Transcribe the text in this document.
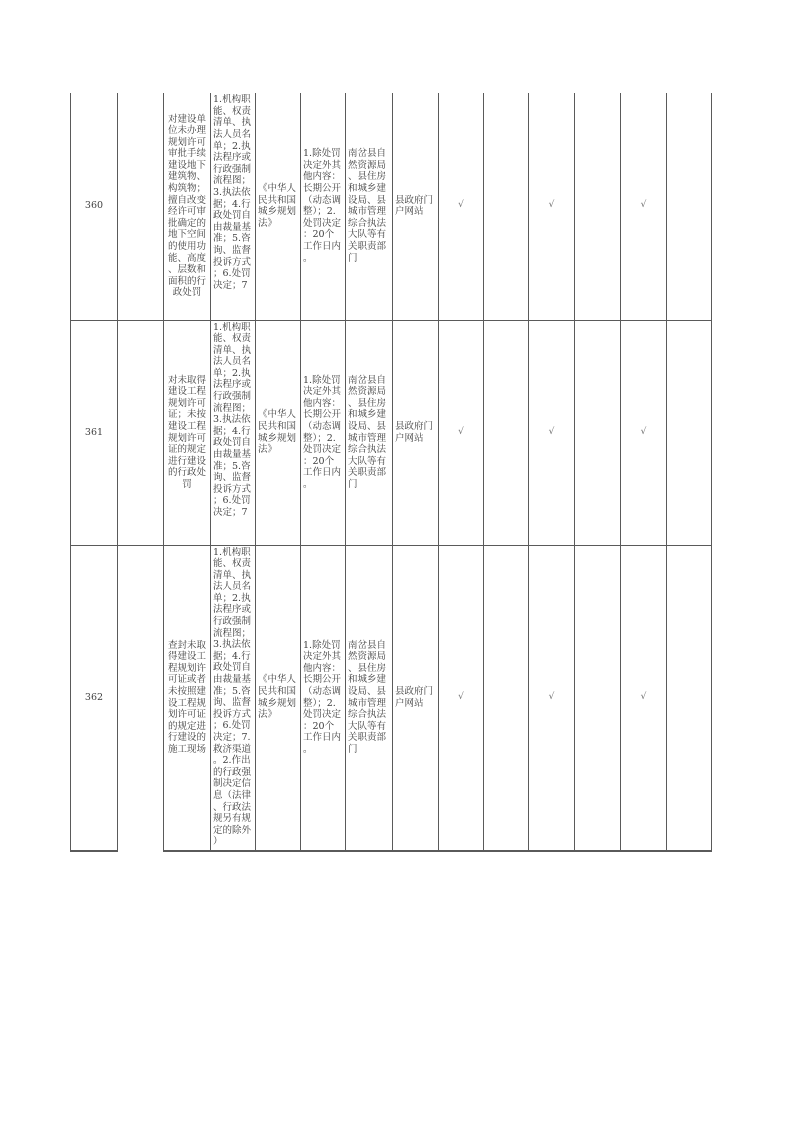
360		对建设单位未办理规划许可审批手续建设地下建筑物、构筑物；擅自改变经许可审批确定的地下空间的使用功能、高度、层数和面积的行政处罚	1.机构职能、权责清单、执法人员名单；2.执法程序或行政强制流程图；3.执法依据；4.行政处罚自由裁量基准；5.咨询、监督投诉方式；6.处罚决定；7	《中华人民共和国城乡规划法》	1.除处罚决定外其他内容：长期公开（动态调整）；2.处罚决定：20个工作日内。	南岔县自然资源局、县住房和城乡建设局、县城市管理综合执法大队等有关职责部门	县政府门户网站	√		√		√	
361		对未取得建设工程规划许可证；未按建设工程规划许可证的规定进行建设的行政处罚	1.机构职能、权责清单、执法人员名单；2.执法程序或行政强制流程图；3.执法依据；4.行政处罚自由裁量基准；5.咨询、监督投诉方式；6.处罚决定；7	《中华人民共和国城乡规划法》	1.除处罚决定外其他内容：长期公开（动态调整）；2.处罚决定：20个工作日内。	南岔县自然资源局、县住房和城乡建设局、县城市管理综合执法大队等有关职责部门	县政府门户网站	√		√		√	
362		查封未取得建设工程规划许可证或者未按照建设工程规划许可证的规定进行建设的施工现场	1.机构职能、权责清单、执法人员名单；2.执法程序或行政强制流程图；3.执法依据；4.行政处罚自由裁量基准；5.咨询、监督投诉方式；6.处罚决定；7.救济渠道。2.作出的行政强制决定信息（法律、行政法规另有规定的除外）	《中华人民共和国城乡规划法》	1.除处罚决定外其他内容：长期公开（动态调整）；2.处罚决定：20个工作日内。	南岔县自然资源局、县住房和城乡建设局、县城市管理综合执法大队等有关职责部门	县政府门户网站	√		√		√	
